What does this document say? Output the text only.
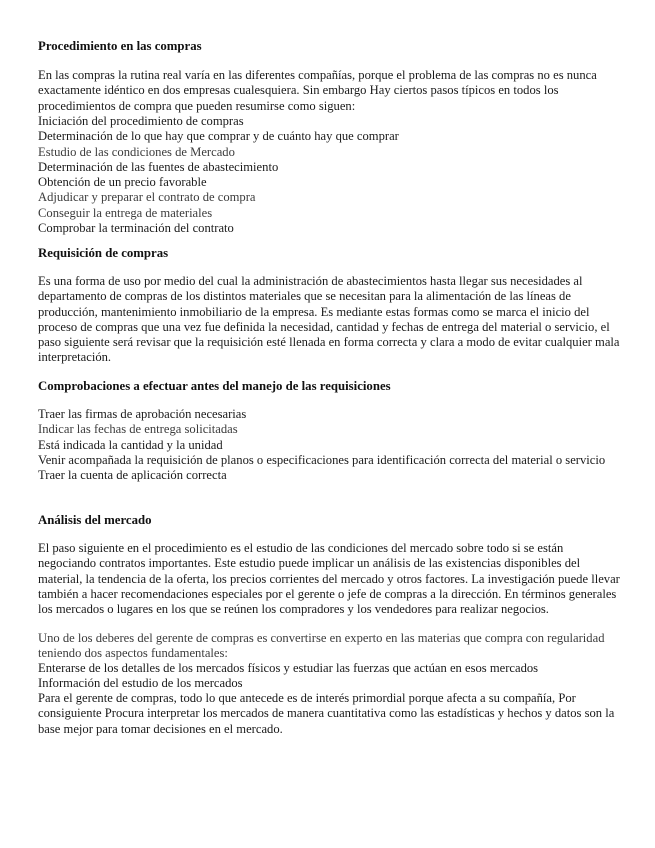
Procedimiento en las compras

En las compras la rutina real varía en las diferentes compañías, porque el problema de las compras no es nunca exactamente idéntico en dos empresas cualesquiera. Sin embargo Hay ciertos pasos típicos en todos los procedimientos de compra que pueden resumirse como siguen:

Iniciación del procedimiento de compras
Determinación de lo que hay que comprar y de cuánto hay que comprar
Estudio de las condiciones de Mercado
Determinación de las fuentes de abastecimiento
Obtención de un precio favorable
Adjudicar y preparar el contrato de compra
Conseguir la entrega de materiales
Comprobar la terminación del contrato
Requisición de compras

Es una forma de uso por medio del cual la administración de abastecimientos hasta llegar sus necesidades al departamento de compras de los distintos materiales que se necesitan para la alimentación de las líneas de producción, mantenimiento inmobiliario de la empresa. Es mediante estas formas como se marca el inicio del proceso de compras que una vez fue definida la necesidad, cantidad y fechas de entrega del material o servicio, el paso siguiente será revisar que la requisición esté llenada en forma correcta y clara a modo de evitar cualquier mala interpretación.

Comprobaciones a efectuar antes del manejo de las requisiciones
Traer las firmas de aprobación necesarias
Indicar las fechas de entrega solicitadas
Está indicada la cantidad y la unidad
Venir acompañada la requisición de planos o especificaciones para identificación correcta del material o servicio
Traer la cuenta de aplicación correcta
Análisis del mercado

El paso siguiente en el procedimiento es el estudio de las condiciones del mercado sobre todo si se están negociando contratos importantes. Este estudio puede implicar un análisis de las existencias disponibles del material, la tendencia de la oferta, los precios corrientes del mercado y otros factores. La investigación puede llevar también a hacer recomendaciones especiales por el gerente o jefe de compras a la dirección. En términos generales los mercados o lugares en los que se reúnen los compradores y los vendedores para realizar negocios.

Uno de los deberes del gerente de compras es convertirse en experto en las materias que compra con regularidad teniendo dos aspectos fundamentales:

Enterarse de los detalles de los mercados físicos y estudiar las fuerzas que actúan en esos mercados
Información del estudio de los mercados

Para el gerente de compras, todo lo que antecede es de interés primordial porque afecta a su compañía, Por consiguiente Procura interpretar los mercados de manera cuantitativa como las estadísticas y hechos y datos son la base mejor para tomar decisiones en el mercado.
